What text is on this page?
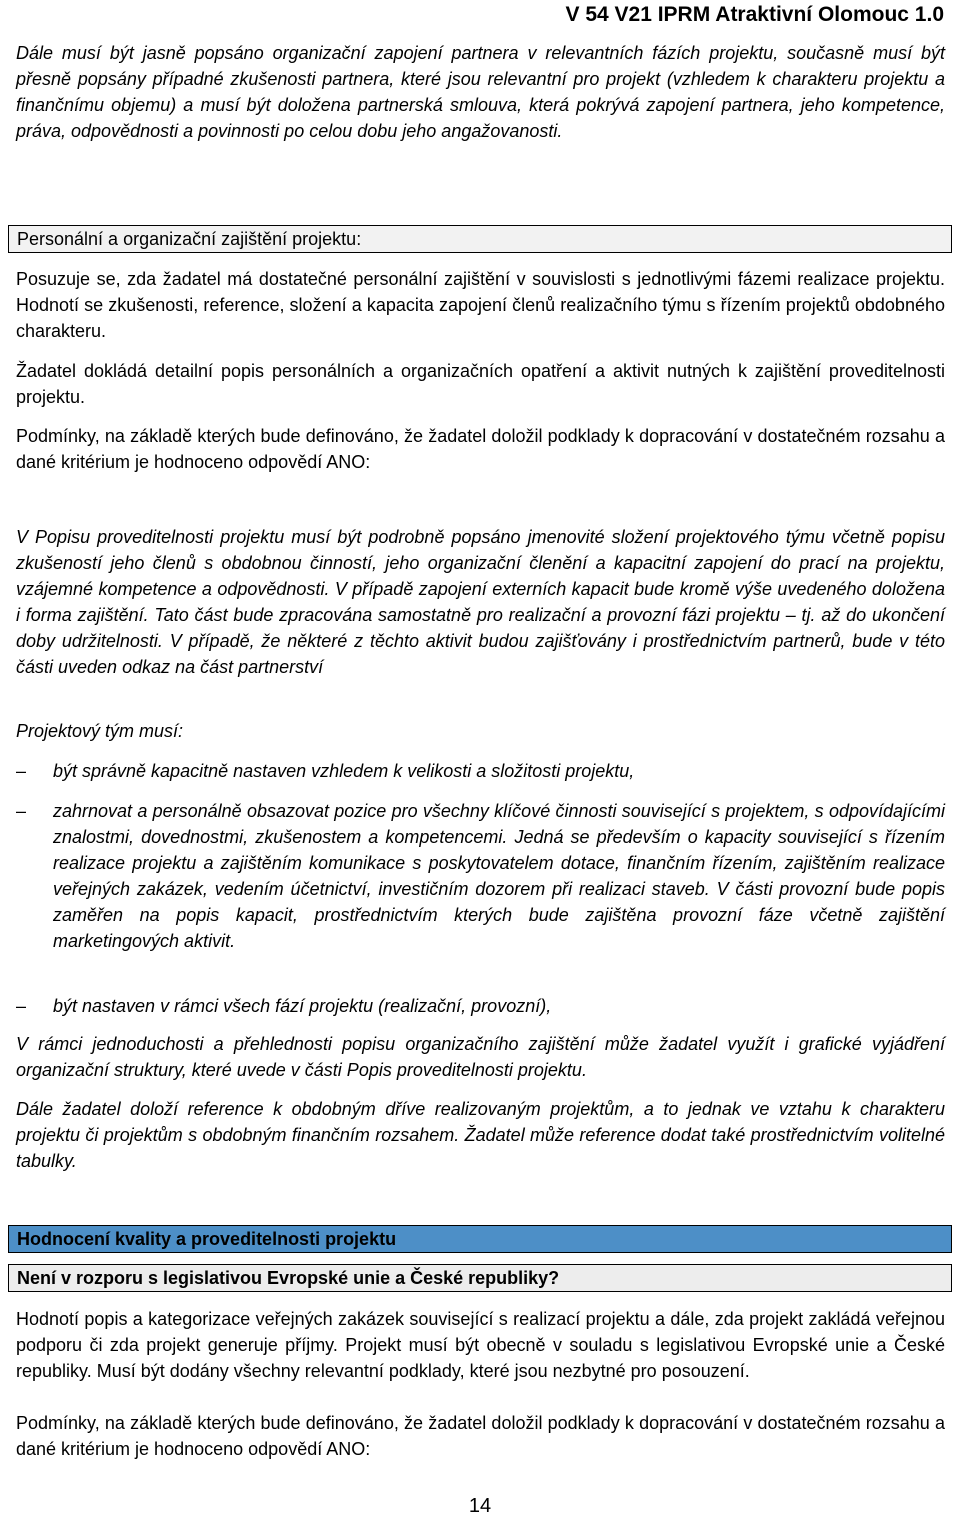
V 54 V21 IPRM Atraktivní Olomouc 1.0

Dále musí být jasně popsáno organizační zapojení partnera v relevantních fázích projektu, současně musí být přesně popsány případné zkušenosti partnera, které jsou relevantní pro projekt (vzhledem k charakteru projektu a finančnímu objemu) a musí být doložena partnerská smlouva, která pokrývá zapojení partnera, jeho kompetence, práva, odpovědnosti a povinnosti po celou dobu jeho angažovanosti.

Personální a organizační zajištění projektu:

Posuzuje se, zda žadatel má dostatečné personální zajištění v souvislosti s jednotlivými fázemi realizace projektu. Hodnotí se zkušenosti, reference, složení a kapacita zapojení členů realizačního týmu s řízením projektů obdobného charakteru.

Žadatel dokládá detailní popis personálních a organizačních opatření a aktivit nutných k zajištění proveditelnosti projektu.

Podmínky, na základě kterých bude definováno, že žadatel doložil podklady k dopracování v dostatečném rozsahu a dané kritérium je hodnoceno odpovědí ANO:

V Popisu proveditelnosti projektu musí být podrobně popsáno jmenovité složení projektového týmu včetně popisu zkušeností jeho členů s obdobnou činností, jeho organizační členění a kapacitní zapojení do prací na projektu, vzájemné kompetence a odpovědnosti. V případě zapojení externích kapacit bude kromě výše uvedeného doložena i forma zajištění. Tato část bude zpracována samostatně pro realizační a provozní fázi projektu – tj. až do ukončení doby udržitelnosti. V případě, že některé z těchto aktivit budou zajišťovány i prostřednictvím partnerů, bude v této části uveden odkaz na část partnerství

Projektový tým musí:

– být správně kapacitně nastaven vzhledem k velikosti a složitosti projektu,
– zahrnovat a personálně obsazovat pozice pro všechny klíčové činnosti související s projektem, s odpovídajícími znalostmi, dovednostmi, zkušenostem a kompetencemi. Jedná se především o kapacity související s řízením realizace projektu a zajištěním komunikace s poskytovatelem dotace, finančním řízením, zajištěním realizace veřejných zakázek, vedením účetnictví, investičním dozorem při realizaci staveb. V části provozní bude popis zaměřen na popis kapacit, prostřednictvím kterých bude zajištěna provozní fáze včetně zajištění marketingových aktivit.
– být nastaven v rámci všech fází projektu (realizační, provozní),

V rámci jednoduchosti a přehlednosti popisu organizačního zajištění může žadatel využít i grafické vyjádření organizační struktury, které uvede v části Popis proveditelnosti projektu.

Dále žadatel doloží reference k obdobným dříve realizovaným projektům, a to jednak ve vztahu k charakteru projektu či projektům s obdobným finančním rozsahem. Žadatel může reference dodat také prostřednictvím volitelné tabulky.

Hodnocení kvality a proveditelnosti projektu
Není v rozporu s legislativou Evropské unie a České republiky?

Hodnotí popis a kategorizace veřejných zakázek související s realizací projektu a dále, zda projekt zakládá veřejnou podporu či zda projekt generuje příjmy. Projekt musí být obecně v souladu s legislativou Evropské unie a České republiky. Musí být dodány všechny relevantní podklady, které jsou nezbytné pro posouzení.

Podmínky, na základě kterých bude definováno, že žadatel doložil podklady k dopracování v dostatečném rozsahu a dané kritérium je hodnoceno odpovědí ANO:

14
